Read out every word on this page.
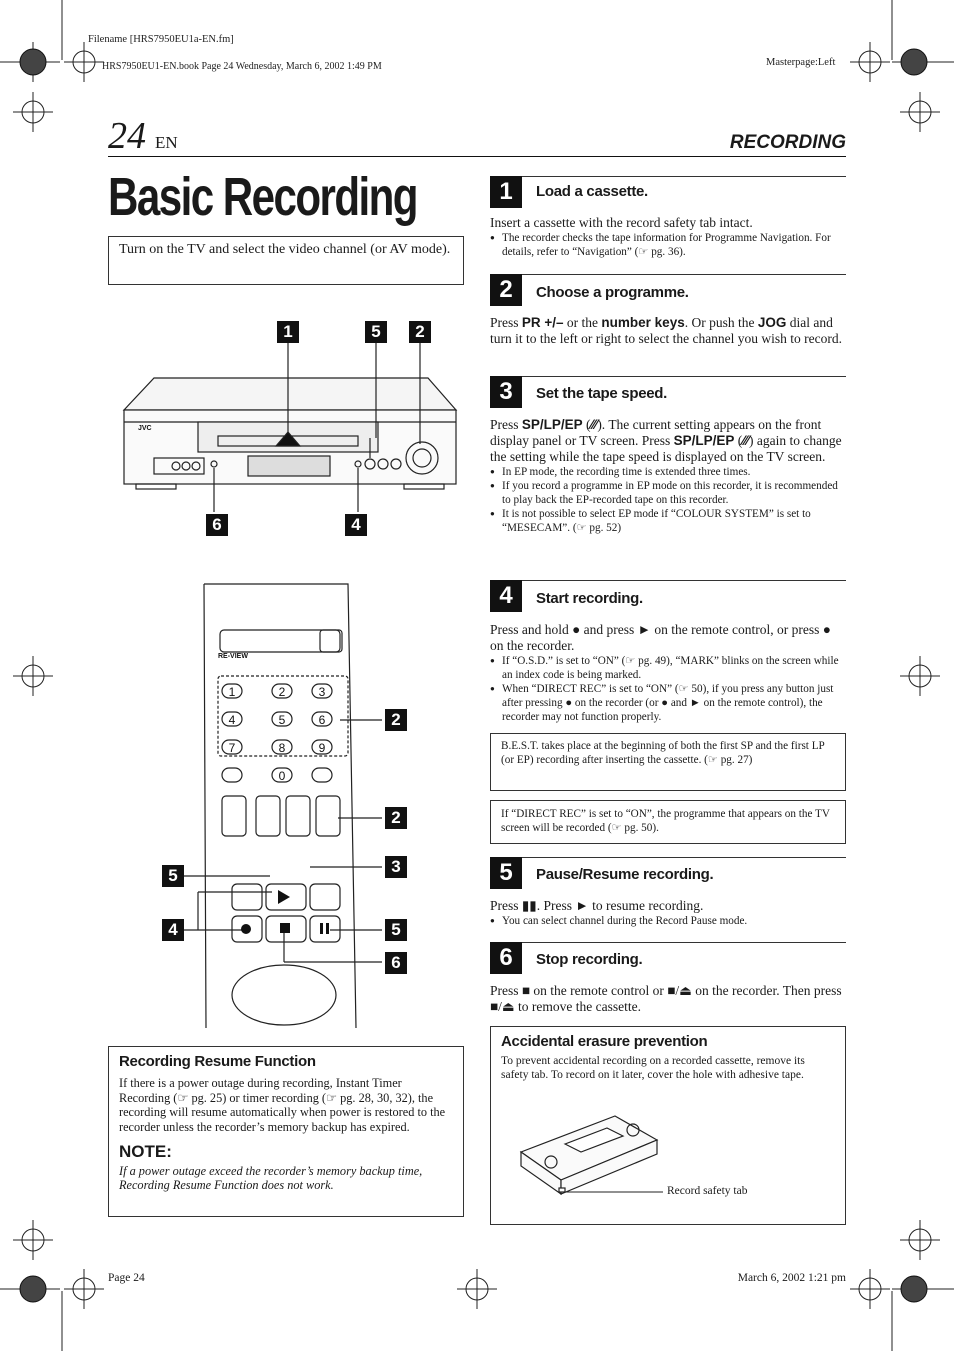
Filename [HRS7950EU1a-EN.fm]
HRS7950EU1-EN.book Page 24 Wednesday, March 6, 2002 1:49 PM	Masterpage:Left
24 EN	RECORDING
Basic Recording
Turn on the TV and select the video channel (or AV mode).
JVC
1	5	2
6	4
RE-VIEW
1	2	3
4	5	6
7	8	9
0
2
2
3
5
4	5
6
Recording Resume Function
If there is a power outage during recording, Instant Timer Recording (☞ pg. 25) or timer recording (☞ pg. 28, 30, 32), the recording will resume automatically when power is restored to the recorder unless the recorder’s memory backup has expired.
NOTE:
If a power outage exceed the recorder’s memory backup time, Recording Resume Function does not work.
1	Load a cassette.
Insert a cassette with the record safety tab intact.
● The recorder checks the tape information for Programme Navigation. For details, refer to “Navigation” (☞ pg. 36).
2	Choose a programme.
Press PR +/– or the number keys. Or push the JOG dial and turn it to the left or right to select the channel you wish to record.
3	Set the tape speed.
Press SP/LP/EP (⁄⁄⁄). The current setting appears on the front display panel or TV screen. Press SP/LP/EP (⁄⁄⁄) again to change the setting while the tape speed is displayed on the TV screen.
● In EP mode, the recording time is extended three times.
● If you record a programme in EP mode on this recorder, it is recommended to play back the EP-recorded tape on this recorder.
● It is not possible to select EP mode if “COLOUR SYSTEM” is set to “MESECAM”. (☞ pg. 52)
4	Start recording.
Press and hold ● and press ► on the remote control, or press ● on the recorder.
● If “O.S.D.” is set to “ON” (☞ pg. 49), “MARK” blinks on the screen while an index code is being marked.
● When “DIRECT REC” is set to “ON” (☞ 50), if you press any button just after pressing ● on the recorder (or ● and ► on the remote control), the recorder may not function properly.
B.E.S.T. takes place at the beginning of both the first SP and the first LP (or EP) recording after inserting the cassette. (☞ pg. 27)
If “DIRECT REC” is set to “ON”, the programme that appears on the TV screen will be recorded (☞ pg. 50).
5	Pause/Resume recording.
Press ▮▮. Press ► to resume recording.
● You can select channel during the Record Pause mode.
6	Stop recording.
Press ■ on the remote control or ■/⏏ on the recorder. Then press ■/⏏ to remove the cassette.
Accidental erasure prevention
To prevent accidental recording on a recorded cassette, remove its safety tab. To record on it later, cover the hole with adhesive tape.
Record safety tab
Page 24	March 6, 2002 1:21 pm
